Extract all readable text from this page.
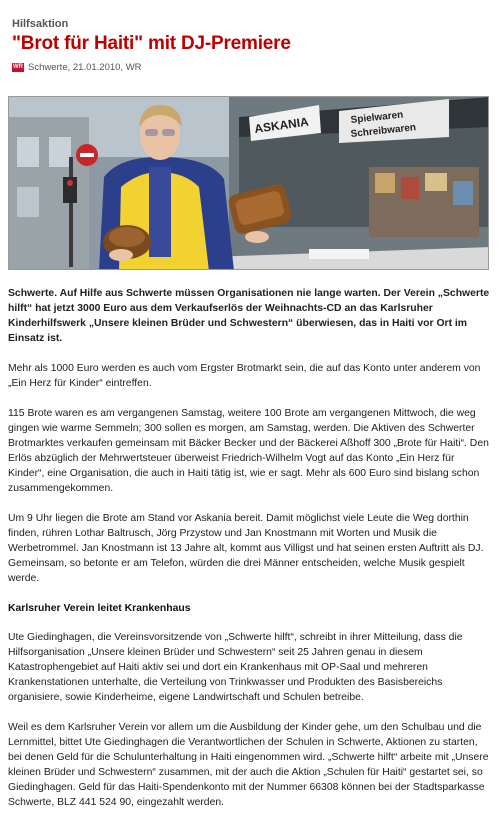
Hilfsaktion
"Brot für Haiti" mit DJ-Premiere
WR Schwerte, 21.01.2010, WR
ASKANIA	Spielwaren
Schreibwaren

Schwerte. Auf Hilfe aus Schwerte müssen Organisationen nie lange warten. Der Verein „Schwerte hilft“ hat jetzt 3000 Euro aus dem Verkaufserlös der Weihnachts-CD an das Karlsruher Kinderhilfswerk „Unsere kleinen Brüder und Schwestern“ überwiesen, das in Haiti vor Ort im Einsatz ist.

Mehr als 1000 Euro werden es auch vom Ergster Brotmarkt sein, die auf das Konto unter anderem von „Ein Herz für Kinder“ eintreffen.

115 Brote waren es am vergangenen Samstag, weitere 100 Brote am vergangenen Mittwoch, die weg gingen wie warme Semmeln; 300 sollen es morgen, am Samstag, werden. Die Aktiven des Schwerter Brotmarktes verkaufen gemeinsam mit Bäcker Becker und der Bäckerei Aßhoff 300 „Brote für Haiti“. Den Erlös abzüglich der Mehrwertsteuer überweist Friedrich-Wilhelm Vogt auf das Konto „Ein Herz für Kinder“, eine Organisation, die auch in Haiti tätig ist, wie er sagt. Mehr als 600 Euro sind bislang schon zusammengekommen.

Um 9 Uhr liegen die Brote am Stand vor Askania bereit. Damit möglichst viele Leute die Weg dorthin finden, rühren Lothar Baltrusch, Jörg Przystow und Jan Knostmann mit Worten und Musik die Werbetrommel. Jan Knostmann ist 13 Jahre alt, kommt aus Villigst und hat seinen ersten Auftritt als DJ. Gemeinsam, so betonte er am Telefon, würden die drei Männer entscheiden, welche Musik gespielt werde.

Karlsruher Verein leitet Krankenhaus

Ute Giedinghagen, die Vereinsvorsitzende von „Schwerte hilft“, schreibt in ihrer Mitteilung, dass die Hilfsorganisation „Unsere kleinen Brüder und Schwestern“ seit 25 Jahren genau in diesem Katastrophengebiet auf Haiti aktiv sei und dort ein Krankenhaus mit OP-Saal und mehreren Krankenstationen unterhalte, die Verteilung von Trinkwasser und Produkten des Basisbereichs organisiere, sowie Kinderheime, eigene Landwirtschaft und Schulen betreibe.

Weil es dem Karlsruher Verein vor allem um die Ausbildung der Kinder gehe, um den Schulbau und die Lernmittel, bittet Ute Giedinghagen die Verantwortlichen der Schulen in Schwerte, Aktionen zu starten, bei denen Geld für die Schulunterhaltung in Haiti eingenommen wird. „Schwerte hilft“ arbeite mit „Unsere kleinen Brüder und Schwestern“ zusammen, mit der auch die Aktion „Schulen für Haiti“ gestartet sei, so Giedinghagen. Geld für das Haiti-Spendenkonto mit der Nummer 66308 können bei der Stadtsparkasse Schwerte, BLZ 441 524 90, eingezahlt werden.
